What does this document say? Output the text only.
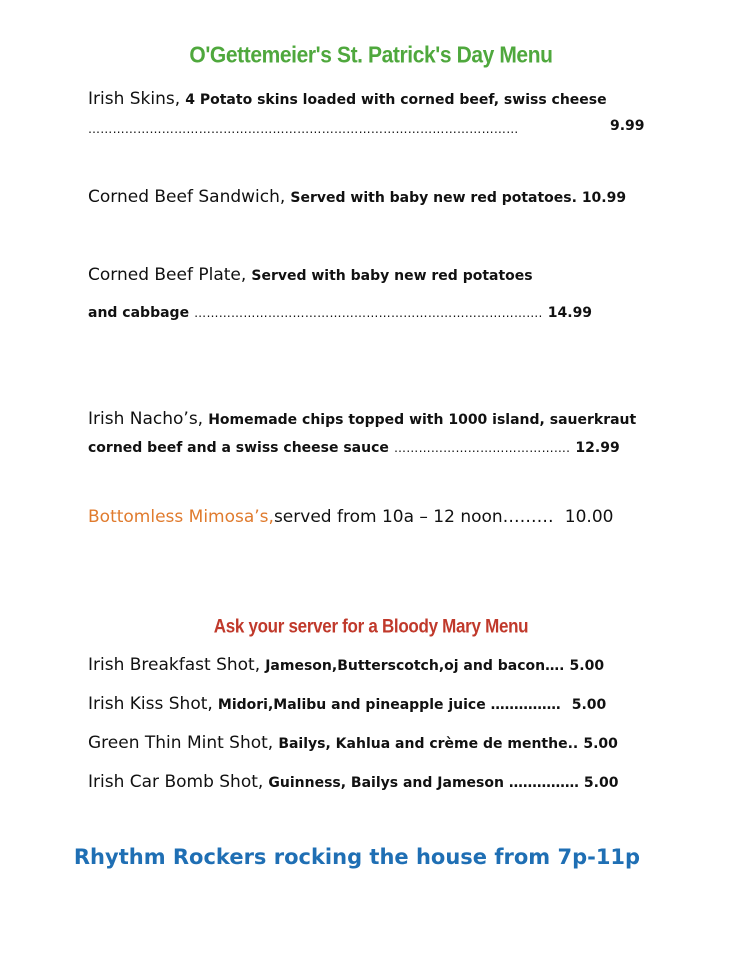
O'Gettemeier's St. Patrick's Day Menu
Irish Skins, 4 Potato skins loaded with corned beef, swiss cheese
……………………………………………………………………………………………	9.99
Corned Beef Sandwich, Served with baby new red potatoes. 10.99
Corned Beef Plate, Served with baby new red potatoes
and cabbage …………………………………………………………………………. 14.99
Irish Nacho’s, Homemade chips topped with 1000 island, sauerkraut
corned beef and a swiss cheese sauce ……………………………………. 12.99
Bottomless Mimosa’s,served from 10a – 12 noon……… 10.00
Ask your server for a Bloody Mary Menu
Irish Breakfast Shot, Jameson,Butterscotch,oj and bacon…. 5.00
Irish Kiss Shot, Midori,Malibu and pineapple juice …………… 5.00
Green Thin Mint Shot, Bailys, Kahlua and crème de menthe.. 5.00
Irish Car Bomb Shot, Guinness, Bailys and Jameson …………… 5.00
Rhythm Rockers rocking the house from 7p-11p
